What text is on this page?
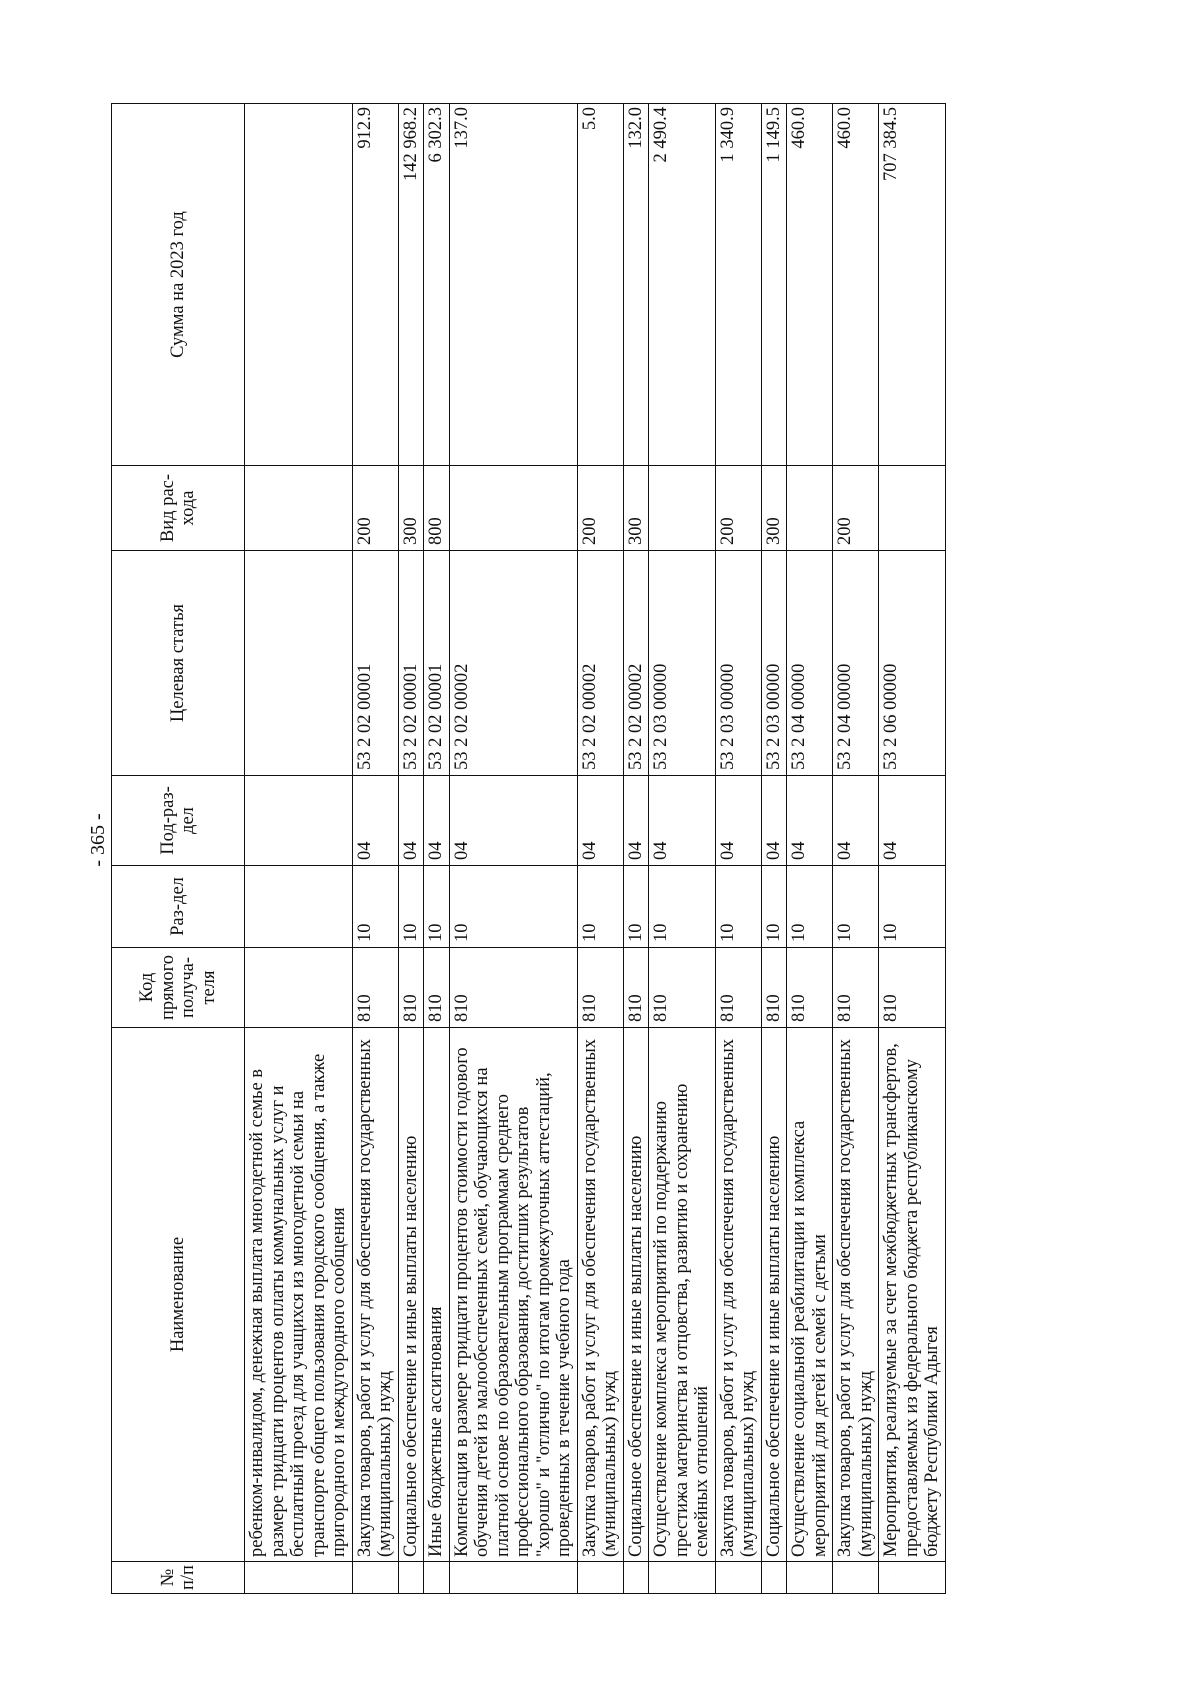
- 365 -
№ п/п	Наименование	Код прямого получа-теля	Раз-дел	Под-раз-дел	Целевая статья	Вид рас-хода	Сумма на 2023 год
	ребенком-инвалидом, денежная выплата многодетной семье в размере тридцати процентов оплаты коммунальных услуг и бесплатный проезд для учащихся из многодетной семьи на транспорте общего пользования городского сообщения, а также пригородного и междугородного сообщения						
	Закупка товаров, работ и услуг для обеспечения государственных (муниципальных) нужд	810	10	04	53 2 02 00001	200	912.9
	Социальное обеспечение и иные выплаты населению	810	10	04	53 2 02 00001	300	142 968.2
	Иные бюджетные ассигнования	810	10	04	53 2 02 00001	800	6 302.3
	Компенсация в размере тридцати процентов стоимости годового обучения детей из малообеспеченных семей, обучающихся на платной основе по образовательным программам среднего профессионального образования, достигших результатов "хорошо" и "отлично" по итогам промежуточных аттестаций, проведенных в течение учебного года	810	10	04	53 2 02 00002		137.0
	Закупка товаров, работ и услуг для обеспечения государственных (муниципальных) нужд	810	10	04	53 2 02 00002	200	5.0
	Социальное обеспечение и иные выплаты населению	810	10	04	53 2 02 00002	300	132.0
	Осуществление комплекса мероприятий по поддержанию престижа материнства и отцовства, развитию и сохранению семейных отношений	810	10	04	53 2 03 00000		2 490.4
	Закупка товаров, работ и услуг для обеспечения государственных (муниципальных) нужд	810	10	04	53 2 03 00000	200	1 340.9
	Социальное обеспечение и иные выплаты населению	810	10	04	53 2 03 00000	300	1 149.5
	Осуществление социальной реабилитации и комплекса мероприятий для детей и семей с детьми	810	10	04	53 2 04 00000		460.0
	Закупка товаров, работ и услуг для обеспечения государственных (муниципальных) нужд	810	10	04	53 2 04 00000	200	460.0
	Мероприятия, реализуемые за счет межбюджетных трансфертов, предоставляемых из федерального бюджета республиканскому бюджету Республики Адыгея	810	10	04	53 2 06 00000		707 384.5
